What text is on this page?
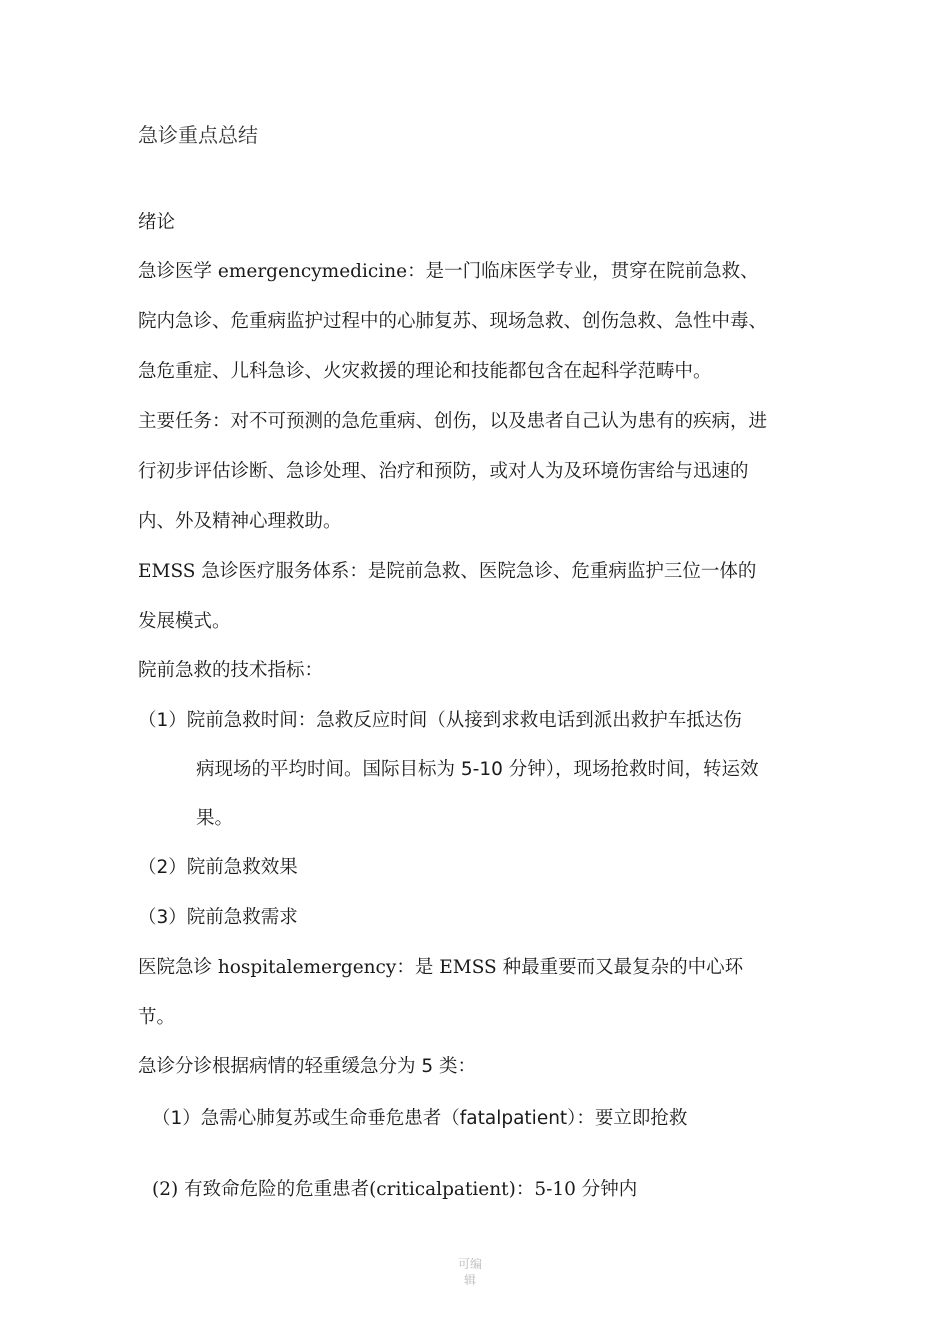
急诊重点总结
绪论
急诊医学 emergencymedicine：是一门临床医学专业，贯穿在院前急救、
院内急诊、危重病监护过程中的心肺复苏、现场急救、创伤急救、急性中毒、
急危重症、儿科急诊、火灾救援的理论和技能都包含在起科学范畴中。
主要任务：对不可预测的急危重病、创伤，以及患者自己认为患有的疾病，进
行初步评估诊断、急诊处理、治疗和预防，或对人为及环境伤害给与迅速的
内、外及精神心理救助。
EMSS 急诊医疗服务体系：是院前急救、医院急诊、危重病监护三位一体的
发展模式。
院前急救的技术指标：
（1）院前急救时间：急救反应时间（从接到求救电话到派出救护车抵达伤
病现场的平均时间。国际目标为 5-10 分钟），现场抢救时间，转运效
果。
（2）院前急救效果
（3）院前急救需求
医院急诊 hospitalemergency：是 EMSS 种最重要而又最复杂的中心环
节。
急诊分诊根据病情的轻重缓急分为 5 类：
（1）急需心肺复苏或生命垂危患者（fatalpatient）：要立即抢救
(2) 有致命危险的危重患者(criticalpatient)：5-10 分钟内
可编辑
